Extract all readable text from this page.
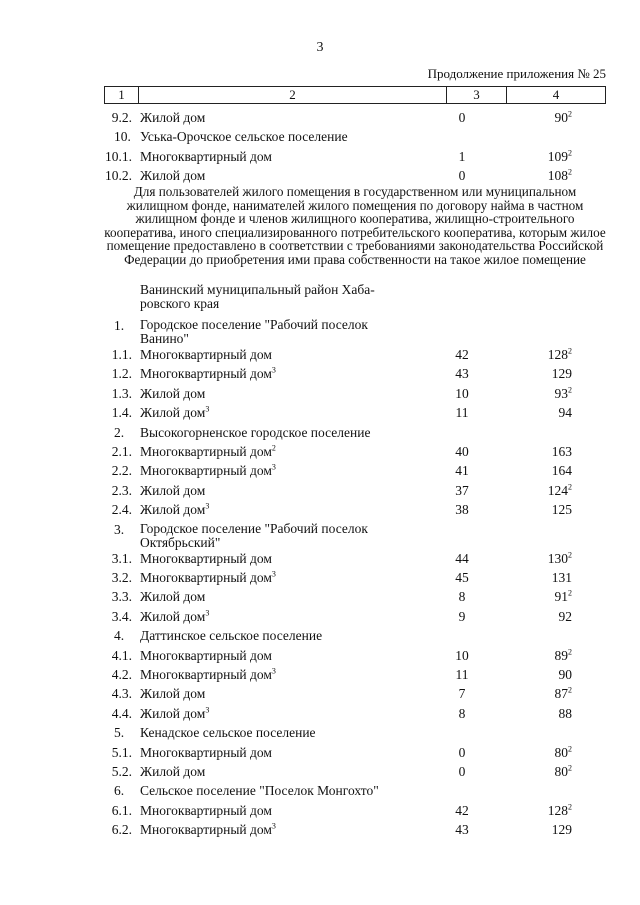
3
Продолжение приложения № 25
1	2	3	4
9.2. Жилой дом	0	$90^2$
10. Уська-Орочское сельское поселение
10.1. Многоквартирный дом	1	$109^2$
10.2. Жилой дом	0	$108^2$
Для пользователей жилого помещения в государственном или муниципальном жилищном фонде, нанимателей жилого помещения по договору найма в частном жилищном фонде и членов жилищного кооператива, жилищно-строительного кооператива, иного специализированного потребительского кооператива, которым жилое помещение предоставлено в соответствии с требованиями законодательства Российской Федерации до приобретения ими права собственности на такое жилое помещение
Ванинский муниципальный район Хаба-ровского края
1. Городское поселение "Рабочий поселок Ванино"
1.1. Многоквартирный дом	42	$128^2$
1.2. Многоквартирный дом$^3$	43	129
1.3. Жилой дом	10	$93^2$
1.4. Жилой дом$^3$	11	94
2. Высокогорненское городское поселение
2.1. Многоквартирный дом$^2$	40	163
2.2. Многоквартирный дом$^3$	41	164
2.3. Жилой дом	37	$124^2$
2.4. Жилой дом$^3$	38	125
3. Городское поселение "Рабочий поселок Октябрьский"
3.1. Многоквартирный дом	44	$130^2$
3.2. Многоквартирный дом$^3$	45	131
3.3. Жилой дом	8	$91^2$
3.4. Жилой дом$^3$	9	92
4. Даттинское сельское поселение
4.1. Многоквартирный дом	10	$89^2$
4.2. Многоквартирный дом$^3$	11	90
4.3. Жилой дом	7	$87^2$
4.4. Жилой дом$^3$	8	88
5. Кенадское сельское поселение
5.1. Многоквартирный дом	0	$80^2$
5.2. Жилой дом	0	$80^2$
6. Сельское поселение "Поселок Монгохто"
6.1. Многоквартирный дом	42	$128^2$
6.2. Многоквартирный дом$^3$	43	129
